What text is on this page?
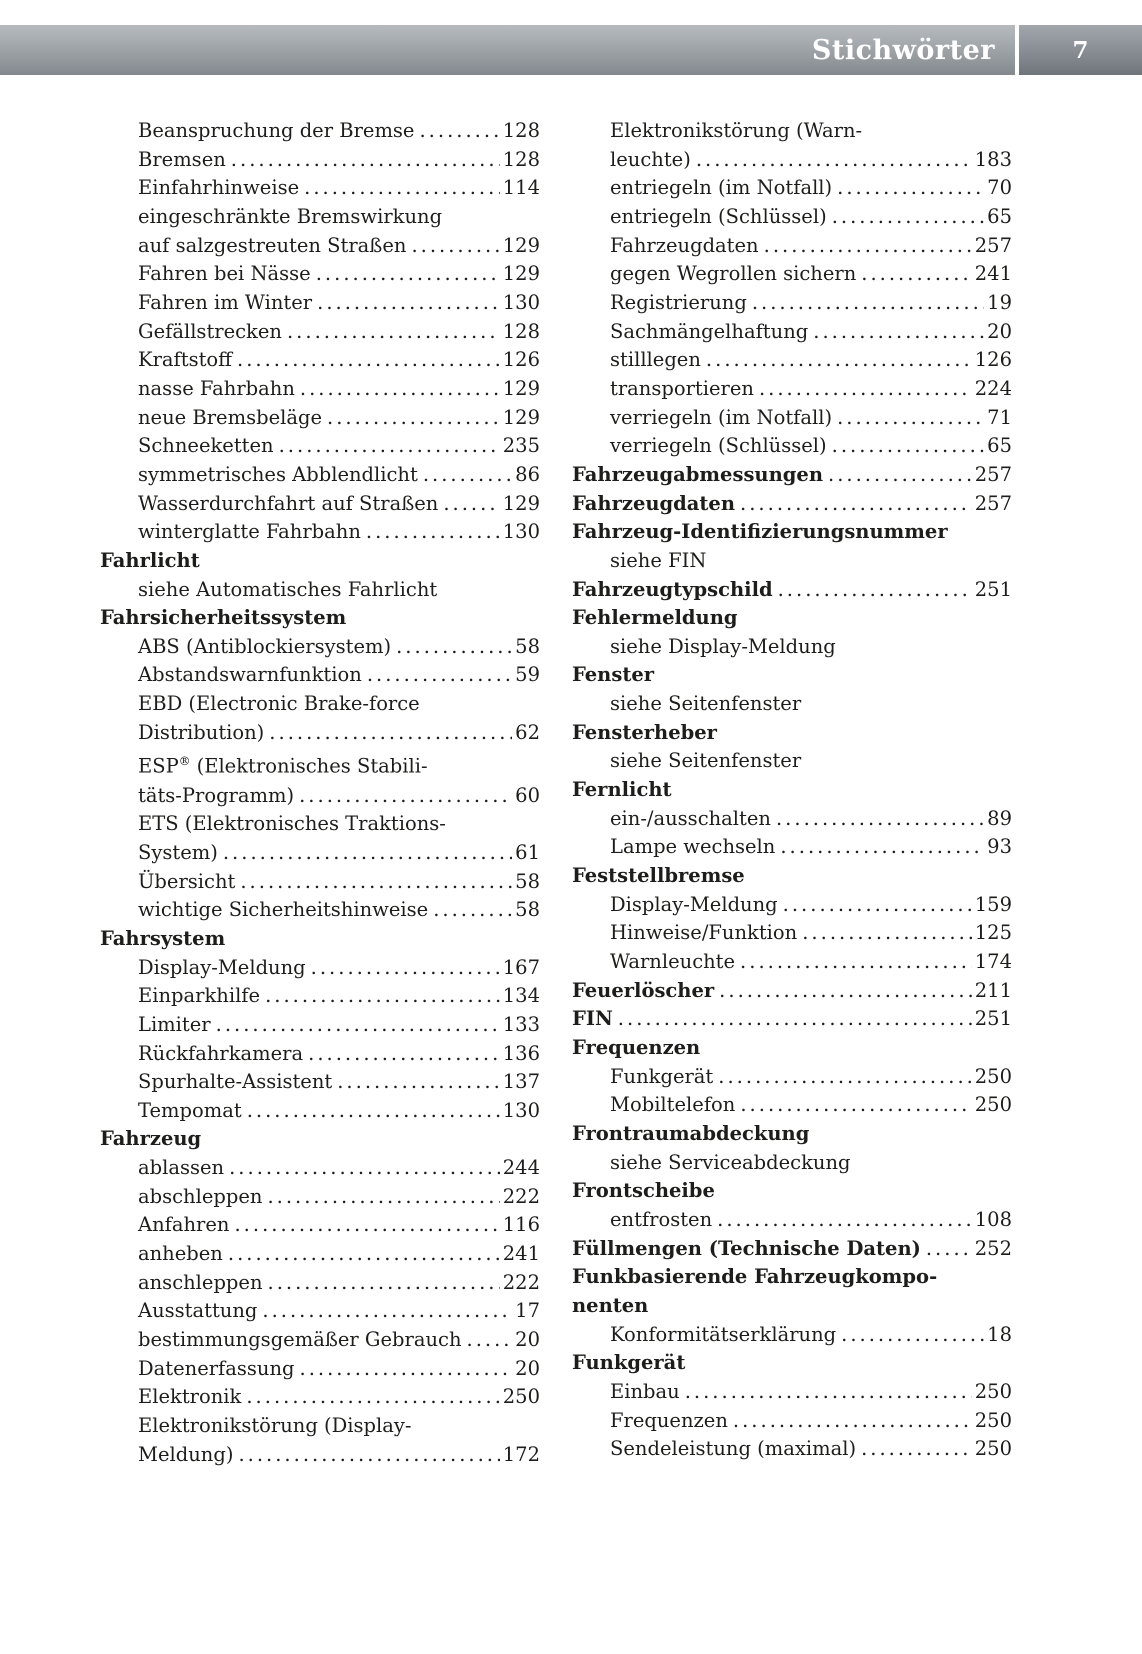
Stichwörter	7
Beanspruchung der Bremse .....	128
Bremsen .....	128
Einfahrhinweise .....	114
eingeschränkte Bremswirkung
auf salzgestreuten Straßen .....	129
Fahren bei Nässe .....	129
Fahren im Winter .....	130
Gefällstrecken .....	128
Kraftstoff .....	126
nasse Fahrbahn .....	129
neue Bremsbeläge .....	129
Schneeketten .....	235
symmetrisches Abblendlicht .....	86
Wasserdurchfahrt auf Straßen .....	129
winterglatte Fahrbahn .....	130
Fahrlicht
siehe Automatisches Fahrlicht
Fahrsicherheitssystem
ABS (Antiblockiersystem) .....	58
Abstandswarnfunktion .....	59
EBD (Electronic Brake-force
Distribution) .....	62
ESP® (Elektronisches Stabili-
täts-Programm) .....	60
ETS (Elektronisches Traktions-
System) .....	61
Übersicht .....	58
wichtige Sicherheitshinweise .....	58
Fahrsystem
Display-Meldung .....	167
Einparkhilfe .....	134
Limiter .....	133
Rückfahrkamera .....	136
Spurhalte-Assistent .....	137
Tempomat .....	130
Fahrzeug
ablassen .....	244
abschleppen .....	222
Anfahren .....	116
anheben .....	241
anschleppen .....	222
Ausstattung .....	17
bestimmungsgemäßer Gebrauch .....	20
Datenerfassung .....	20
Elektronik .....	250
Elektronikstörung (Display-
Meldung) .....	172
Elektronikstörung (Warn-
leuchte) .....	183
entriegeln (im Notfall) .....	70
entriegeln (Schlüssel) .....	65
Fahrzeugdaten .....	257
gegen Wegrollen sichern .....	241
Registrierung .....	19
Sachmängelhaftung .....	20
stilllegen .....	126
transportieren .....	224
verriegeln (im Notfall) .....	71
verriegeln (Schlüssel) .....	65
Fahrzeugabmessungen .....	257
Fahrzeugdaten .....	257
Fahrzeug-Identifizierungsnummer
siehe FIN
Fahrzeugtypschild .....	251
Fehlermeldung
siehe Display-Meldung
Fenster
siehe Seitenfenster
Fensterheber
siehe Seitenfenster
Fernlicht
ein-/ausschalten .....	89
Lampe wechseln .....	93
Feststellbremse
Display-Meldung .....	159
Hinweise/Funktion .....	125
Warnleuchte .....	174
Feuerlöscher .....	211
FIN .....	251
Frequenzen
Funkgerät .....	250
Mobiltelefon .....	250
Frontraumabdeckung
siehe Serviceabdeckung
Frontscheibe
entfrosten .....	108
Füllmengen (Technische Daten) .....	252
Funkbasierende Fahrzeugkompo-
nenten
Konformitätserklärung .....	18
Funkgerät
Einbau .....	250
Frequenzen .....	250
Sendeleistung (maximal) .....	250
